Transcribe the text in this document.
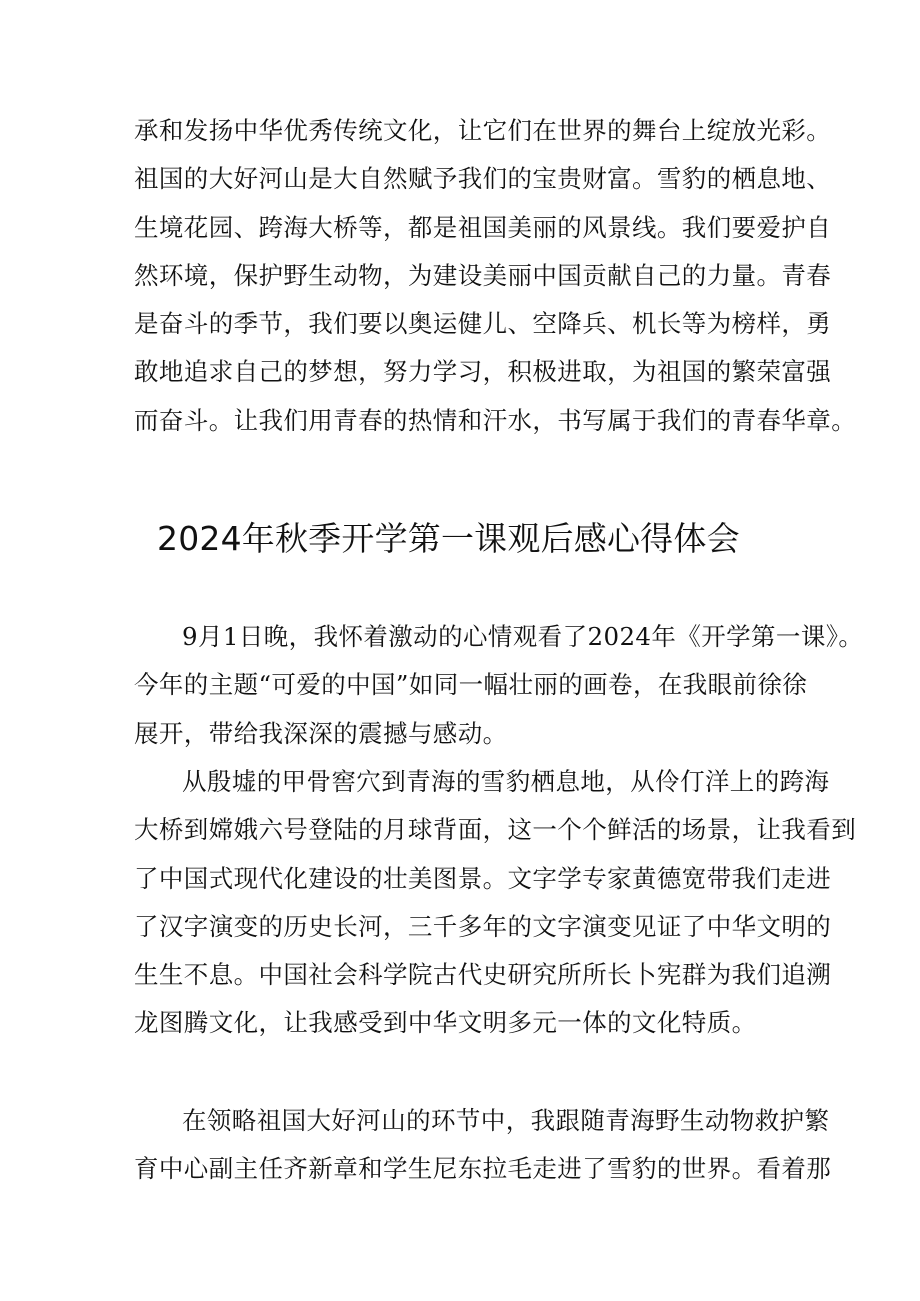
承和发扬中华优秀传统文化，让它们在世界的舞台上绽放光彩。
祖国的大好河山是大自然赋予我们的宝贵财富。雪豹的栖息地、
生境花园、跨海大桥等，都是祖国美丽的风景线。我们要爱护自
然环境，保护野生动物，为建设美丽中国贡献自己的力量。青春
是奋斗的季节，我们要以奥运健儿、空降兵、机长等为榜样，勇
敢地追求自己的梦想，努力学习，积极进取，为祖国的繁荣富强
而奋斗。让我们用青春的热情和汗水，书写属于我们的青春华章。

2024年秋季开学第一课观后感心得体会

9月1日晚，我怀着激动的心情观看了2024年《开学第一课》。
今年的主题“可爱的中国”如同一幅壮丽的画卷，在我眼前徐徐
展开，带给我深深的震撼与感动。

从殷墟的甲骨窖穴到青海的雪豹栖息地，从伶仃洋上的跨海
大桥到嫦娥六号登陆的月球背面，这一个个鲜活的场景，让我看到
了中国式现代化建设的壮美图景。文字学专家黄德宽带我们走进
了汉字演变的历史长河，三千多年的文字演变见证了中华文明的
生生不息。中国社会科学院古代史研究所所长卜宪群为我们追溯
龙图腾文化，让我感受到中华文明多元一体的文化特质。

在领略祖国大好河山的环节中，我跟随青海野生动物救护繁
育中心副主任齐新章和学生尼东拉毛走进了雪豹的世界。看着那
